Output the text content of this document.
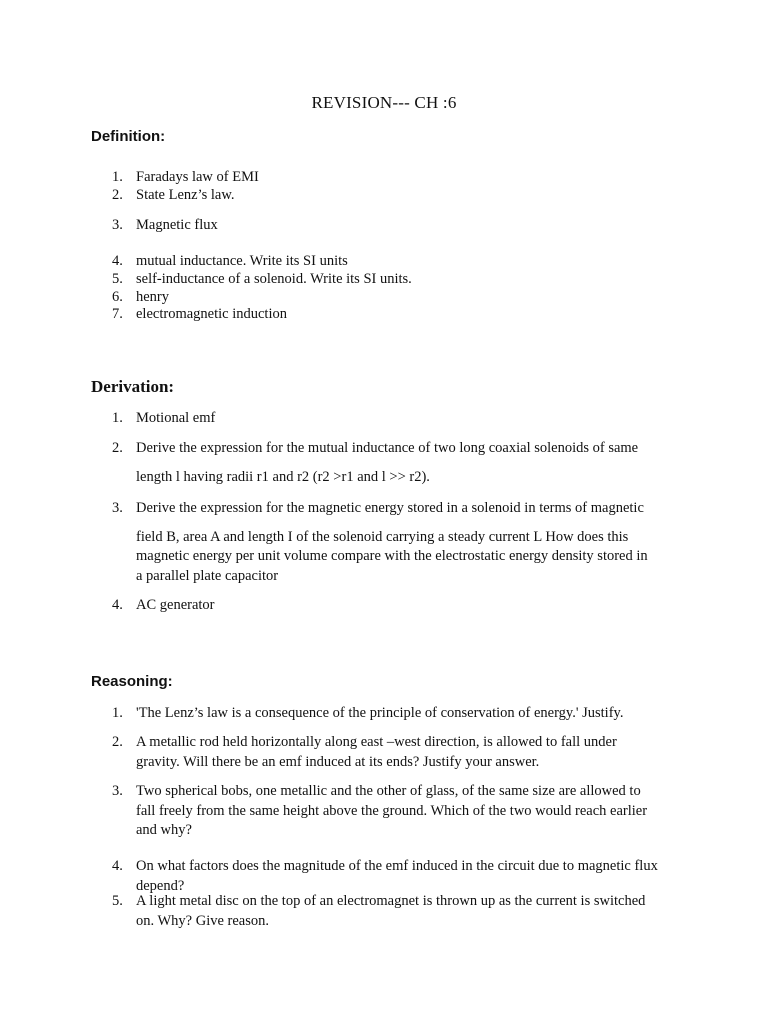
REVISION--- CH :6
Definition:
1. Faradays law of EMI
2. State Lenz’s law.
3. Magnetic flux
4. mutual inductance. Write its SI units
5. self-inductance of a solenoid. Write its SI units.
6. henry
7. electromagnetic induction
Derivation:
1. Motional emf
2. Derive the expression for the mutual inductance of two long coaxial solenoids of same
length l having radii r1 and r2 (r2 >r1 and l >> r2).
3. Derive the expression for the magnetic energy stored in a solenoid in terms of magnetic
field B, area A and length I of the solenoid carrying a steady current L How does this
magnetic energy per unit volume compare with the electrostatic energy density stored in
a parallel plate capacitor
4. AC generator
Reasoning:
1. 'The Lenz’s law is a consequence of the principle of conservation of energy.' Justify.
2. A metallic rod held horizontally along east –west direction, is allowed to fall under
gravity. Will there be an emf induced at its ends? Justify your answer.
3. Two spherical bobs, one metallic and the other of glass, of the same size are allowed to
fall freely from the same height above the ground. Which of the two would reach earlier
and why?
4. On what factors does the magnitude of the emf induced in the circuit due to magnetic flux
depend?
5. A light metal disc on the top of an electromagnet is thrown up as the current is switched
on. Why? Give reason.
